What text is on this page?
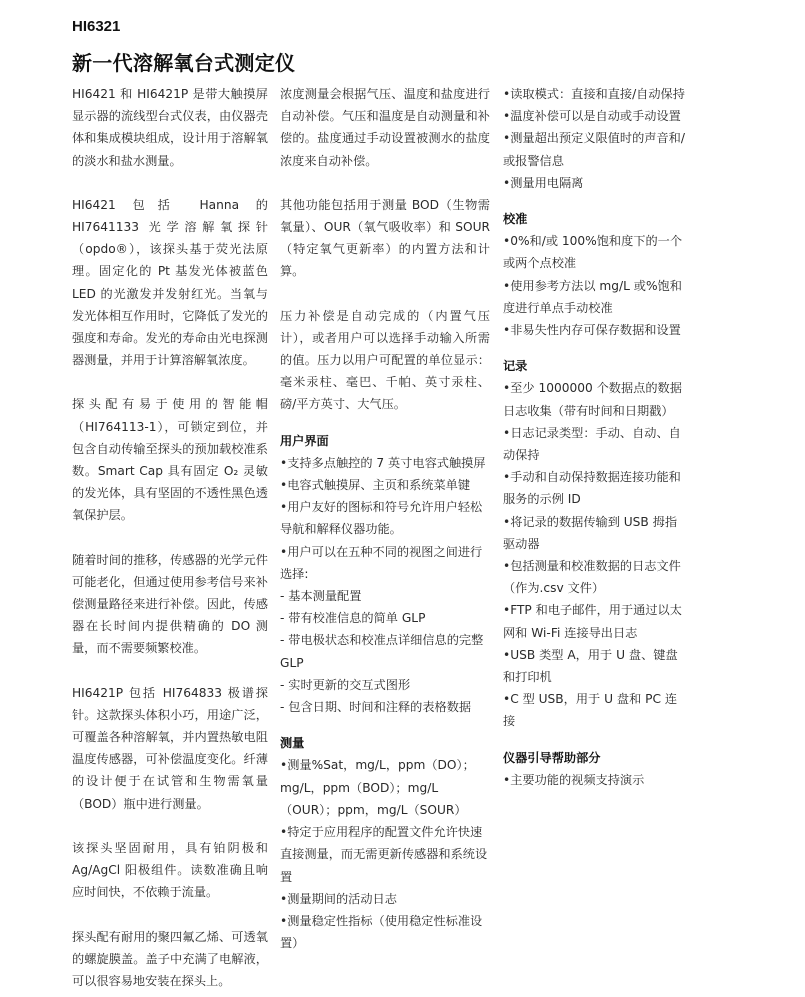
HI6321
新一代溶解氧台式测定仪

HI6421 和 HI6421P 是带大触摸屏显示器的流线型台式仪表，由仪器壳体和集成模块组成，设计用于溶解氧的淡水和盐水测量。

HI6421 包括 Hanna 的 HI7641133 光学溶解氧探针（opdo®），该探头基于荧光法原理。固定化的 Pt 基发光体被蓝色 LED 的光激发并发射红光。当氧与发光体相互作用时，它降低了发光的强度和寿命。发光的寿命由光电探测器测量，并用于计算溶解氧浓度。

探头配有易于使用的智能帽（HI764113-1），可锁定到位，并包含自动传输至探头的预加载校准系数。Smart Cap 具有固定 O₂ 灵敏的发光体，具有坚固的不透性黑色透氧保护层。

随着时间的推移，传感器的光学元件可能老化，但通过使用参考信号来补偿测量路径来进行补偿。因此，传感器在长时间内提供精确的 DO 测量，而不需要频繁校准。

HI6421P 包括 HI764833 极谱探针。这款探头体积小巧，用途广泛，可覆盖各种溶解氧，并内置热敏电阻温度传感器，可补偿温度变化。纤薄的设计便于在试管和生物需氧量（BOD）瓶中进行测量。

该探头坚固耐用，具有铂阴极和 Ag/AgCl 阳极组件。读数准确且响应时间快，不依赖于流量。

探头配有耐用的聚四氟乙烯、可透氧的螺旋膜盖。盖子中充满了电解液，可以很容易地安装在探头上。

浓度测量会根据气压、温度和盐度进行自动补偿。气压和温度是自动测量和补偿的。盐度通过手动设置被测水的盐度浓度来自动补偿。

其他功能包括用于测量 BOD（生物需氧量）、OUR（氧气吸收率）和 SOUR（特定氧气更新率）的内置方法和计算。

压力补偿是自动完成的（内置气压计），或者用户可以选择手动输入所需的值。压力以用户可配置的单位显示：毫米汞柱、毫巴、千帕、英寸汞柱、磅/平方英寸、大气压。

用户界面

•支持多点触控的 7 英寸电容式触摸屏

•电容式触摸屏、主页和系统菜单键

•用户友好的图标和符号允许用户轻松导航和解释仪器功能。

•用户可以在五种不同的视图之间进行选择:

- 基本测量配置

- 带有校准信息的简单 GLP

- 带电极状态和校准点详细信息的完整 GLP

- 实时更新的交互式图形

- 包含日期、时间和注释的表格数据

测量

•测量%Sat，mg/L，ppm（DO）；mg/L，ppm（BOD）；mg/L（OUR）；ppm，mg/L（SOUR）

•特定于应用程序的配置文件允许快速直接测量，而无需更新传感器和系统设置

•测量期间的活动日志

•测量稳定性指标（使用稳定性标准设置）

•读取模式：直接和直接/自动保持

•温度补偿可以是自动或手动设置

•测量超出预定义限值时的声音和/或报警信息

•测量用电隔离

校准

•0%和/或 100%饱和度下的一个或两个点校准

•使用参考方法以 mg/L 或%饱和度进行单点手动校准

•非易失性内存可保存数据和设置

记录

•至少 1000000 个数据点的数据日志收集（带有时间和日期戳）

•日志记录类型：手动、自动、自动保持

•手动和自动保持数据连接功能和服务的示例 ID

•将记录的数据传输到 USB 拇指驱动器

•包括测量和校准数据的日志文件（作为.csv 文件）

•FTP 和电子邮件，用于通过以太网和 Wi-Fi 连接导出日志

•USB 类型 A，用于 U 盘、键盘和打印机

•C 型 USB，用于 U 盘和 PC 连接

仪器引导帮助部分

•主要功能的视频支持演示
